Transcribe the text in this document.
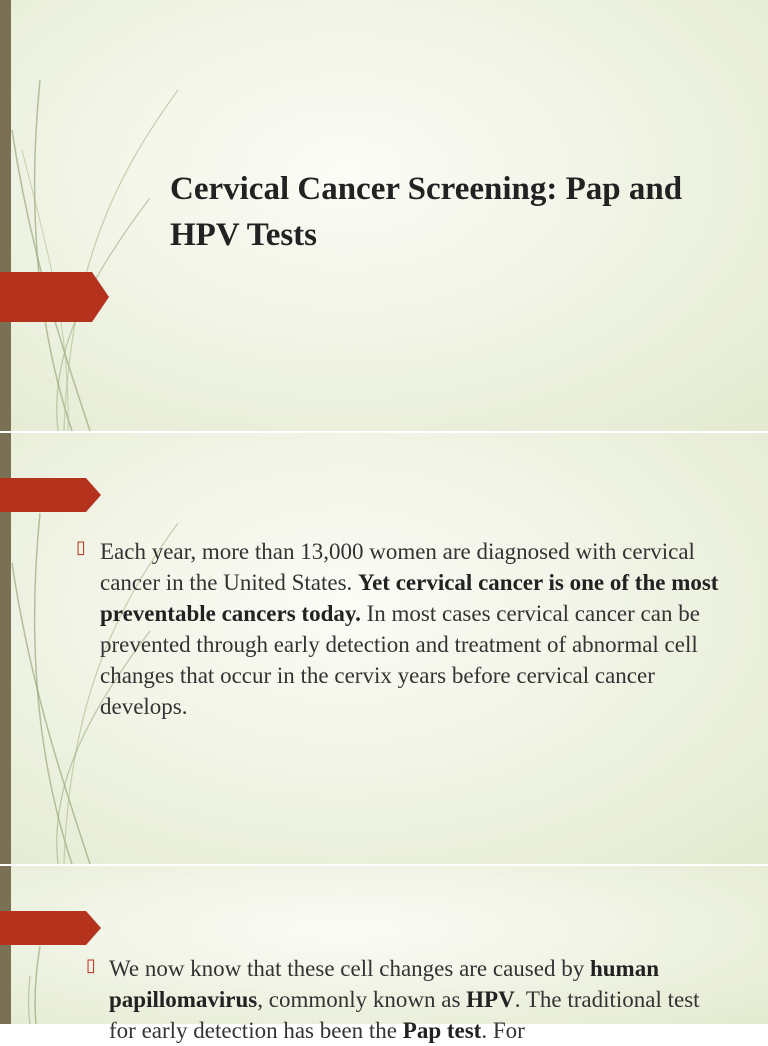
Cervical Cancer Screening: Pap and HPV Tests
▯ Each year, more than 13,000 women are diagnosed with cervical cancer in the United States. Yet cervical cancer is one of the most preventable cancers today. In most cases cervical cancer can be prevented through early detection and treatment of abnormal cell changes that occur in the cervix years before cervical cancer develops.

▯ We now know that these cell changes are caused by human papillomavirus, commonly known as HPV. The traditional test for early detection has been the Pap test. For
